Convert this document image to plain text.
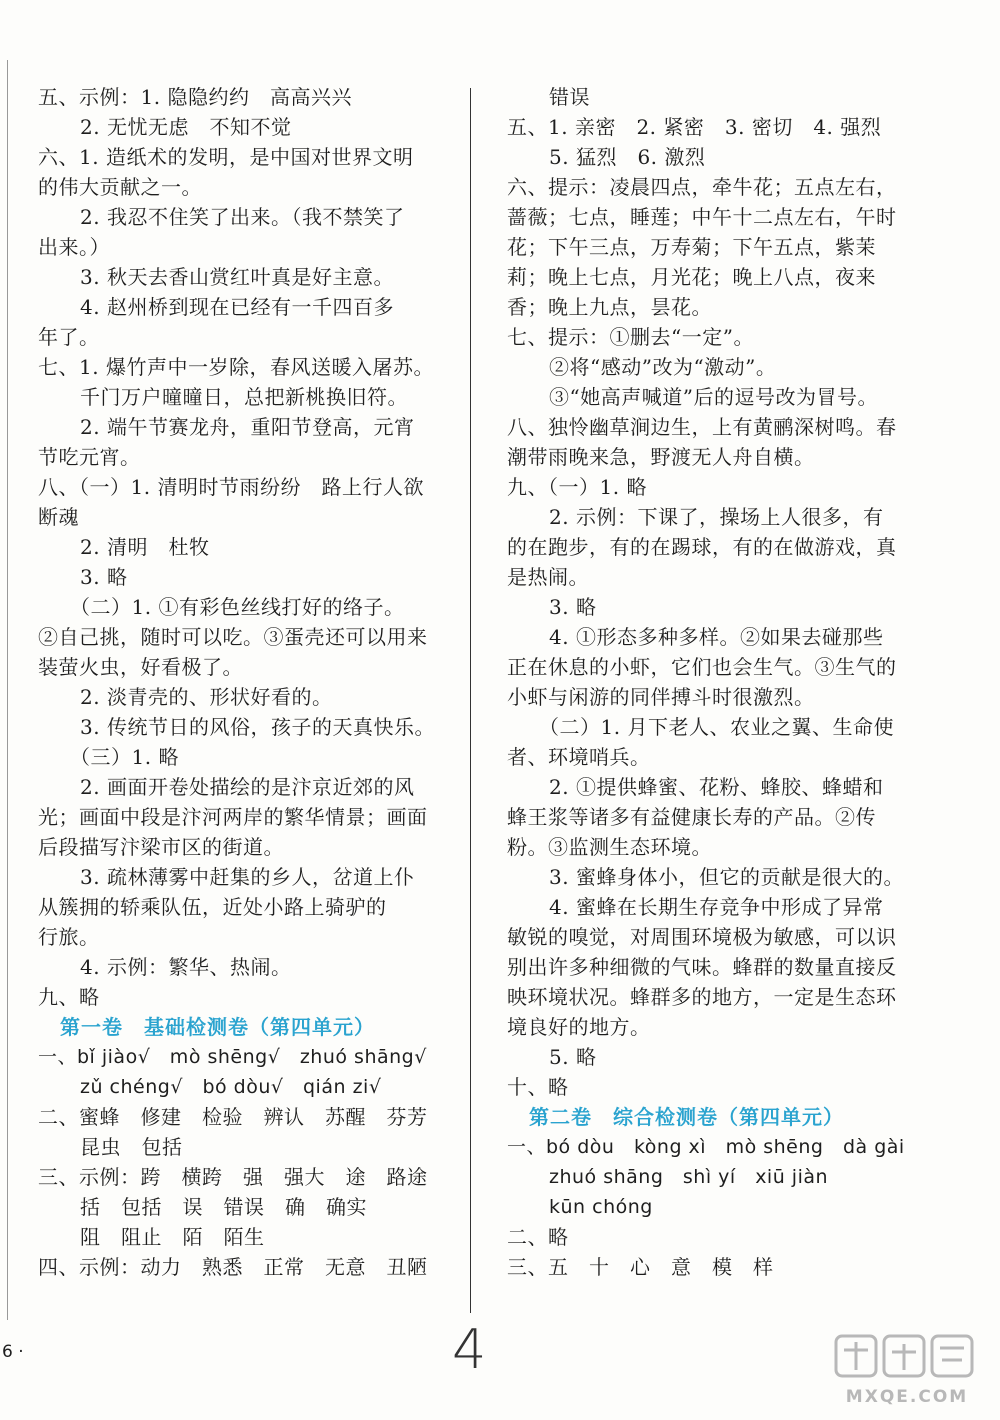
五、示例：1. 隐隐约约　高高兴兴
2. 无忧无虑　不知不觉
六、1. 造纸术的发明，是中国对世界文明
的伟大贡献之一。
2. 我忍不住笑了出来。（我不禁笑了
出来。）
3. 秋天去香山赏红叶真是好主意。
4. 赵州桥到现在已经有一千四百多
年了。
七、1. 爆竹声中一岁除，春风送暖入屠苏。
千门万户曈曈日，总把新桃换旧符。
2. 端午节赛龙舟，重阳节登高，元宵
节吃元宵。
八、（一）1. 清明时节雨纷纷　路上行人欲
断魂
2. 清明　杜牧
3. 略
（二）1. ①有彩色丝线打好的络子。
②自己挑，随时可以吃。③蛋壳还可以用来
装萤火虫，好看极了。
2. 淡青壳的、形状好看的。
3. 传统节日的风俗，孩子的天真快乐。
（三）1. 略
2. 画面开卷处描绘的是汴京近郊的风
光；画面中段是汴河两岸的繁华情景；画面
后段描写汴梁市区的街道。
3. 疏林薄雾中赶集的乡人，岔道上仆
从簇拥的轿乘队伍，近处小路上骑驴的
行旅。
4. 示例：繁华、热闹。
九、略
第一卷　基础检测卷（第四单元）
一、bǐ jiào√　mò shēng√　zhuó shāng√
zǔ chéng√　bó dòu√　qián zi√
二、蜜蜂　修建　检验　辨认　苏醒　芬芳
昆虫　包括
三、示例：跨　横跨　强　强大　途　路途
括　包括　误　错误　确　确实
阻　阻止　陌　陌生
四、示例：动力　熟悉　正常　无意　丑陋
错误
五、1. 亲密　2. 紧密　3. 密切　4. 强烈
5. 猛烈　6. 激烈
六、提示：凌晨四点，牵牛花；五点左右，
蔷薇；七点，睡莲；中午十二点左右，午时
花；下午三点，万寿菊；下午五点，紫茉
莉；晚上七点，月光花；晚上八点，夜来
香；晚上九点，昙花。
七、提示：①删去“一定”。
②将“感动”改为“激动”。
③“她高声喊道”后的逗号改为冒号。
八、独怜幽草涧边生，上有黄鹂深树鸣。春
潮带雨晚来急，野渡无人舟自横。
九、（一）1. 略
2. 示例：下课了，操场上人很多，有
的在跑步，有的在踢球，有的在做游戏，真
是热闹。
3. 略
4. ①形态多种多样。②如果去碰那些
正在休息的小虾，它们也会生气。③生气的
小虾与闲游的同伴搏斗时很激烈。
（二）1. 月下老人、农业之翼、生命使
者、环境哨兵。
2. ①提供蜂蜜、花粉、蜂胶、蜂蜡和
蜂王浆等诸多有益健康长寿的产品。②传
粉。③监测生态环境。
3. 蜜蜂身体小，但它的贡献是很大的。
4. 蜜蜂在长期生存竞争中形成了异常
敏锐的嗅觉，对周围环境极为敏感，可以识
别出许多种细微的气味。蜂群的数量直接反
映环境状况。蜂群多的地方，一定是生态环
境良好的地方。
5. 略
十、略
第二卷　综合检测卷（第四单元）
一、bó dòu　kòng xì　mò shēng　dà gài
zhuó shāng　shì yí　xiū jiàn
kūn chóng
二、略
三、五　十　心　意　模　样
6 ·	4
MXQE.COM
